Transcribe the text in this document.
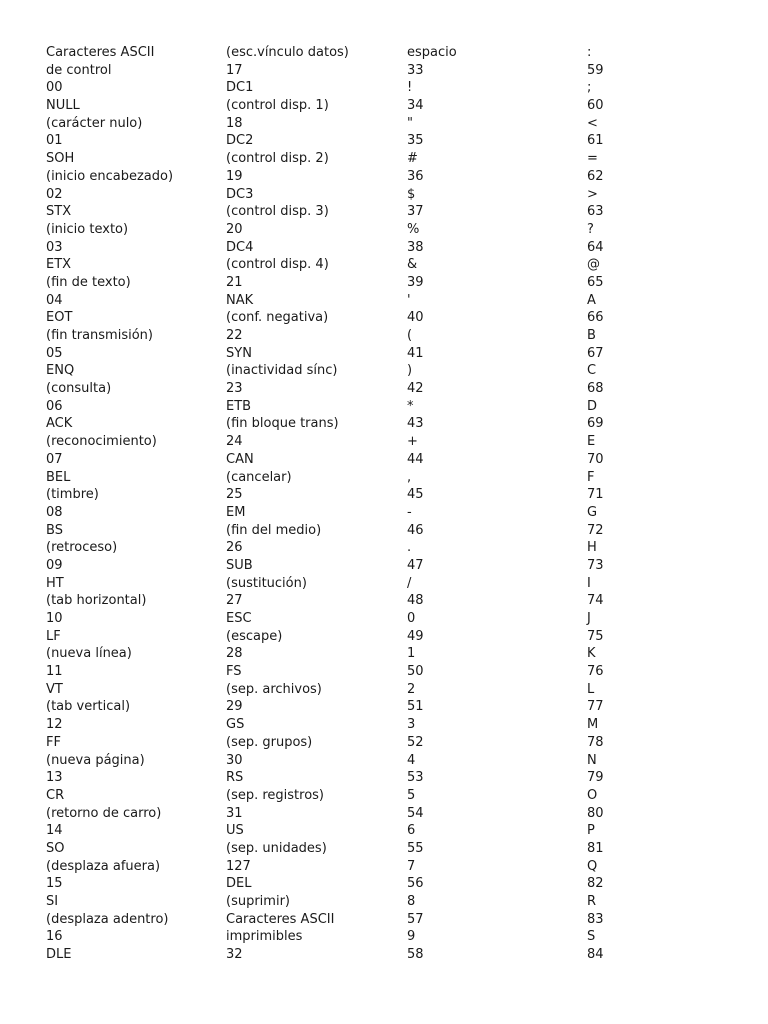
Caracteres ASCII
de control
00
NULL
(carácter nulo)
01
SOH
(inicio encabezado)
02
STX
(inicio texto)
03
ETX
(fin de texto)
04
EOT
(fin transmisión)
05
ENQ
(consulta)
06
ACK
(reconocimiento)
07
BEL
(timbre)
08
BS
(retroceso)
09
HT
(tab horizontal)
10
LF
(nueva línea)
11
VT
(tab vertical)
12
FF
(nueva página)
13
CR
(retorno de carro)
14
SO
(desplaza afuera)
15
SI
(desplaza adentro)
16
DLE
(esc.vínculo datos)
17
DC1
(control disp. 1)
18
DC2
(control disp. 2)
19
DC3
(control disp. 3)
20
DC4
(control disp. 4)
21
NAK
(conf. negativa)
22
SYN
(inactividad sínc)
23
ETB
(fin bloque trans)
24
CAN
(cancelar)
25
EM
(fin del medio)
26
SUB
(sustitución)
27
ESC
(escape)
28
FS
(sep. archivos)
29
GS
(sep. grupos)
30
RS
(sep. registros)
31
US
(sep. unidades)
127
DEL
(suprimir)
Caracteres ASCII
imprimibles
32
espacio
33
!
34
"
35
#
36
$
37
%
38
&
39
'
40
(
41
)
42
*
43
+
44
,
45
-
46
.
47
/
48
0
49
1
50
2
51
3
52
4
53
5
54
6
55
7
56
8
57
9
58
:
59
;
60
<
61
=
62
>
63
?
64
@
65
A
66
B
67
C
68
D
69
E
70
F
71
G
72
H
73
I
74
J
75
K
76
L
77
M
78
N
79
O
80
P
81
Q
82
R
83
S
84
